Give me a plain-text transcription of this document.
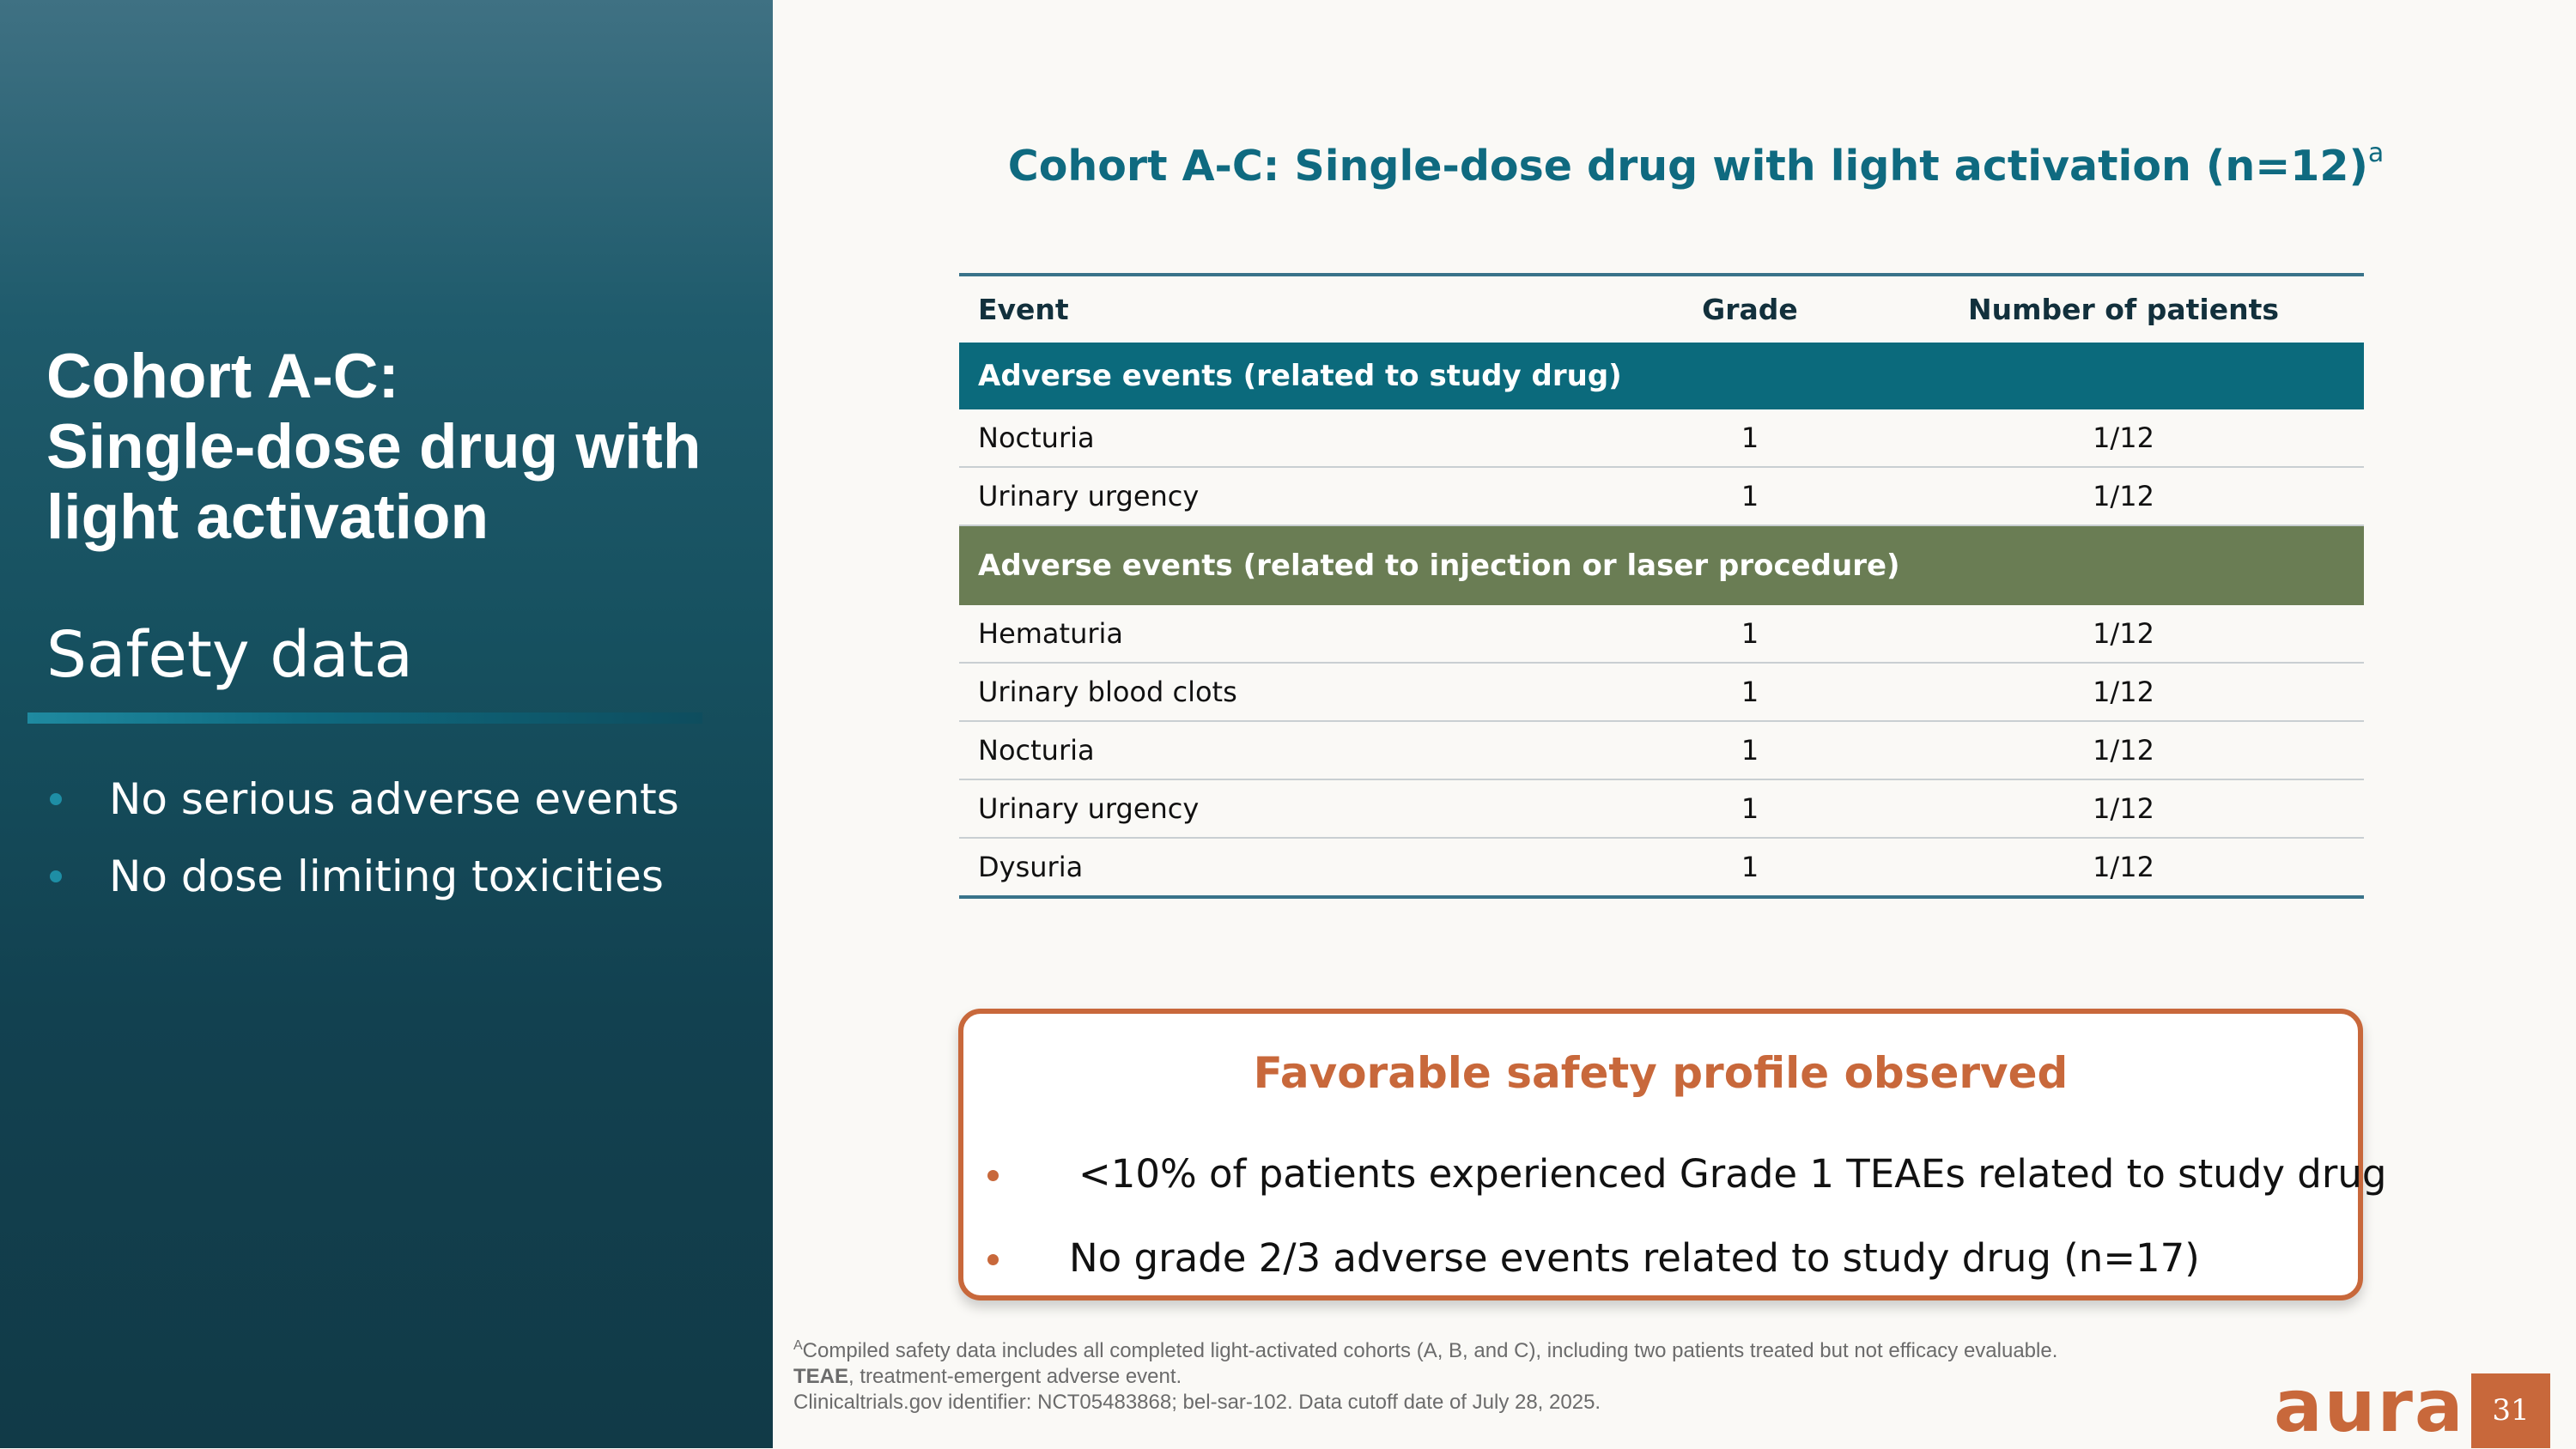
Cohort A-C:
Single-dose drug with
light activation
Safety data
No serious adverse events
No dose limiting toxicities
Cohort A-C: Single-dose drug with light activation (n=12)$^a$
Event	Grade	Number of patients
Adverse events (related to study drug)		
Nocturia	1	1/12
Urinary urgency	1	1/12
Adverse events (related to injection or laser procedure)		
Hematuria	1	1/12
Urinary blood clots	1	1/12
Nocturia	1	1/12
Urinary urgency	1	1/12
Dysuria	1	1/12
Favorable safety profile observed
<10% of patients experienced Grade 1 TEAEs related to study drug
No grade 2/3 adverse events related to study drug (n=17)
$^A$Compiled safety data includes all completed light-activated cohorts (A, B, and C), including two patients treated but not efficacy evaluable.
TEAE, treatment-emergent adverse event.
Clinicaltrials.gov identifier: NCT05483868; bel-sar-102. Data cutoff date of July 28, 2025.	aura 31
